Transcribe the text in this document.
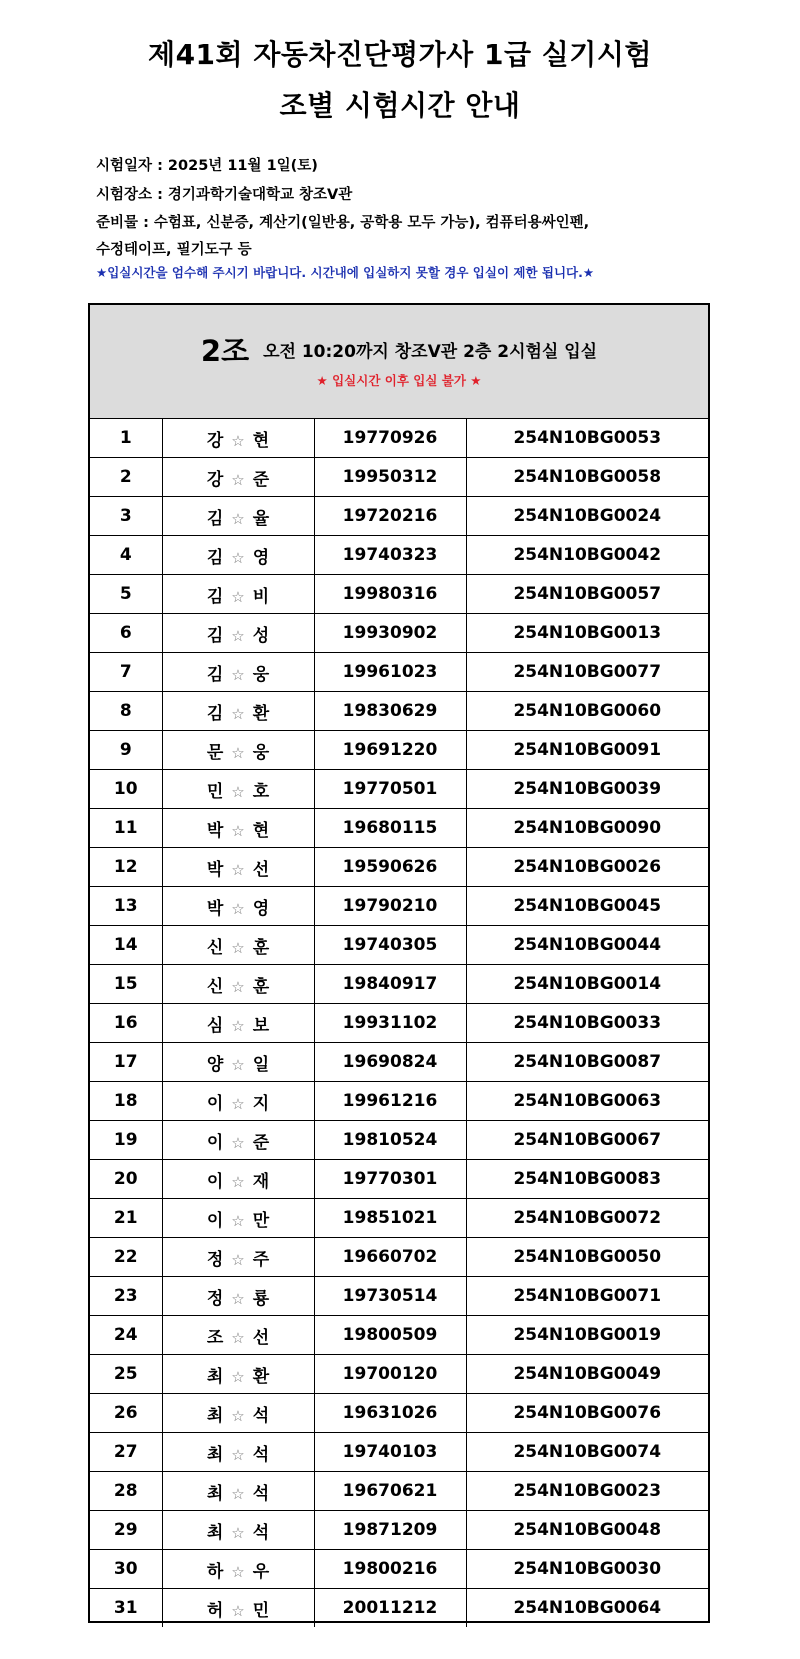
제41회 자동차진단평가사 1급 실기시험
조별 시험시간 안내
시험일자 : 2025년 11월 1일(토)
시험장소 : 경기과학기술대학교 창조V관
준비물 : 수험표, 신분증, 계산기(일반용, 공학용 모두 가능), 컴퓨터용싸인펜,
수정테이프, 필기도구 등
★입실시간을 엄수해 주시기 바랍니다. 시간내에 입실하지 못할 경우 입실이 제한 됩니다.★
2조 오전 10:20까지 창조V관 2층 2시험실 입실
★ 입실시간 이후 입실 불가 ★
1	강 ☆ 현	19770926	254N10BG0053
2	강 ☆ 준	19950312	254N10BG0058
3	김 ☆ 율	19720216	254N10BG0024
4	김 ☆ 영	19740323	254N10BG0042
5	김 ☆ 비	19980316	254N10BG0057
6	김 ☆ 성	19930902	254N10BG0013
7	김 ☆ 웅	19961023	254N10BG0077
8	김 ☆ 환	19830629	254N10BG0060
9	문 ☆ 웅	19691220	254N10BG0091
10	민 ☆ 호	19770501	254N10BG0039
11	박 ☆ 현	19680115	254N10BG0090
12	박 ☆ 선	19590626	254N10BG0026
13	박 ☆ 영	19790210	254N10BG0045
14	신 ☆ 훈	19740305	254N10BG0044
15	신 ☆ 훈	19840917	254N10BG0014
16	심 ☆ 보	19931102	254N10BG0033
17	양 ☆ 일	19690824	254N10BG0087
18	이 ☆ 지	19961216	254N10BG0063
19	이 ☆ 준	19810524	254N10BG0067
20	이 ☆ 재	19770301	254N10BG0083
21	이 ☆ 만	19851021	254N10BG0072
22	정 ☆ 주	19660702	254N10BG0050
23	정 ☆ 룡	19730514	254N10BG0071
24	조 ☆ 선	19800509	254N10BG0019
25	최 ☆ 환	19700120	254N10BG0049
26	최 ☆ 석	19631026	254N10BG0076
27	최 ☆ 석	19740103	254N10BG0074
28	최 ☆ 석	19670621	254N10BG0023
29	최 ☆ 석	19871209	254N10BG0048
30	하 ☆ 우	19800216	254N10BG0030
31	허 ☆ 민	20011212	254N10BG0064
